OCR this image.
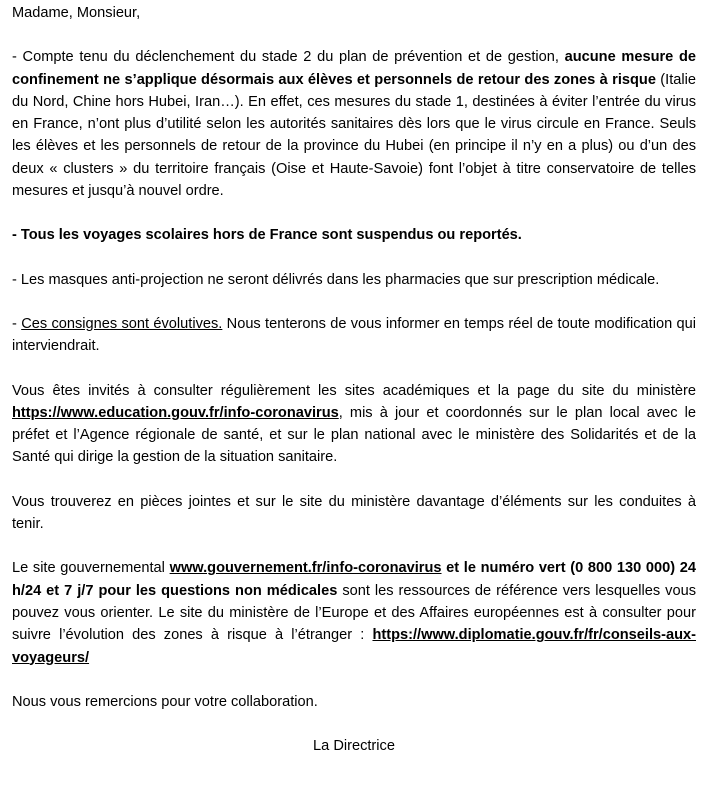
Madame, Monsieur,

- Compte tenu du déclenchement du stade 2 du plan de prévention et de gestion, aucune mesure de confinement ne s’applique désormais aux élèves et personnels de retour des zones à risque (Italie du Nord, Chine hors Hubei, Iran…). En effet, ces mesures du stade 1, destinées à éviter l’entrée du virus en France, n’ont plus d’utilité selon les autorités sanitaires dès lors que le virus circule en France. Seuls les élèves et les personnels de retour de la province du Hubei (en principe il n’y en a plus) ou d’un des deux « clusters » du territoire français (Oise et Haute-Savoie) font l’objet à titre conservatoire de telles mesures et jusqu’à nouvel ordre.

- Tous les voyages scolaires hors de France sont suspendus ou reportés.

- Les masques anti-projection ne seront délivrés dans les pharmacies que sur prescription médicale.

- Ces consignes sont évolutives. Nous tenterons de vous informer en temps réel de toute modification qui interviendrait.

Vous êtes invités à consulter régulièrement les sites académiques et la page du site du ministère https://www.education.gouv.fr/info-coronavirus, mis à jour et coordonnés sur le plan local avec le préfet et l’Agence régionale de santé, et sur le plan national avec le ministère des Solidarités et de la Santé qui dirige la gestion de la situation sanitaire.

Vous trouverez en pièces jointes et sur le site du ministère davantage d’éléments sur les conduites à tenir.

Le site gouvernemental www.gouvernement.fr/info-coronavirus et le numéro vert (0 800 130 000) 24 h/24 et 7 j/7 pour les questions non médicales sont les ressources de référence vers lesquelles vous pouvez vous orienter. Le site du ministère de l’Europe et des Affaires européennes est à consulter pour suivre l’évolution des zones à risque à l’étranger : https://www.diplomatie.gouv.fr/fr/conseils-aux-voyageurs/

Nous vous remercions pour votre collaboration.

La Directrice
